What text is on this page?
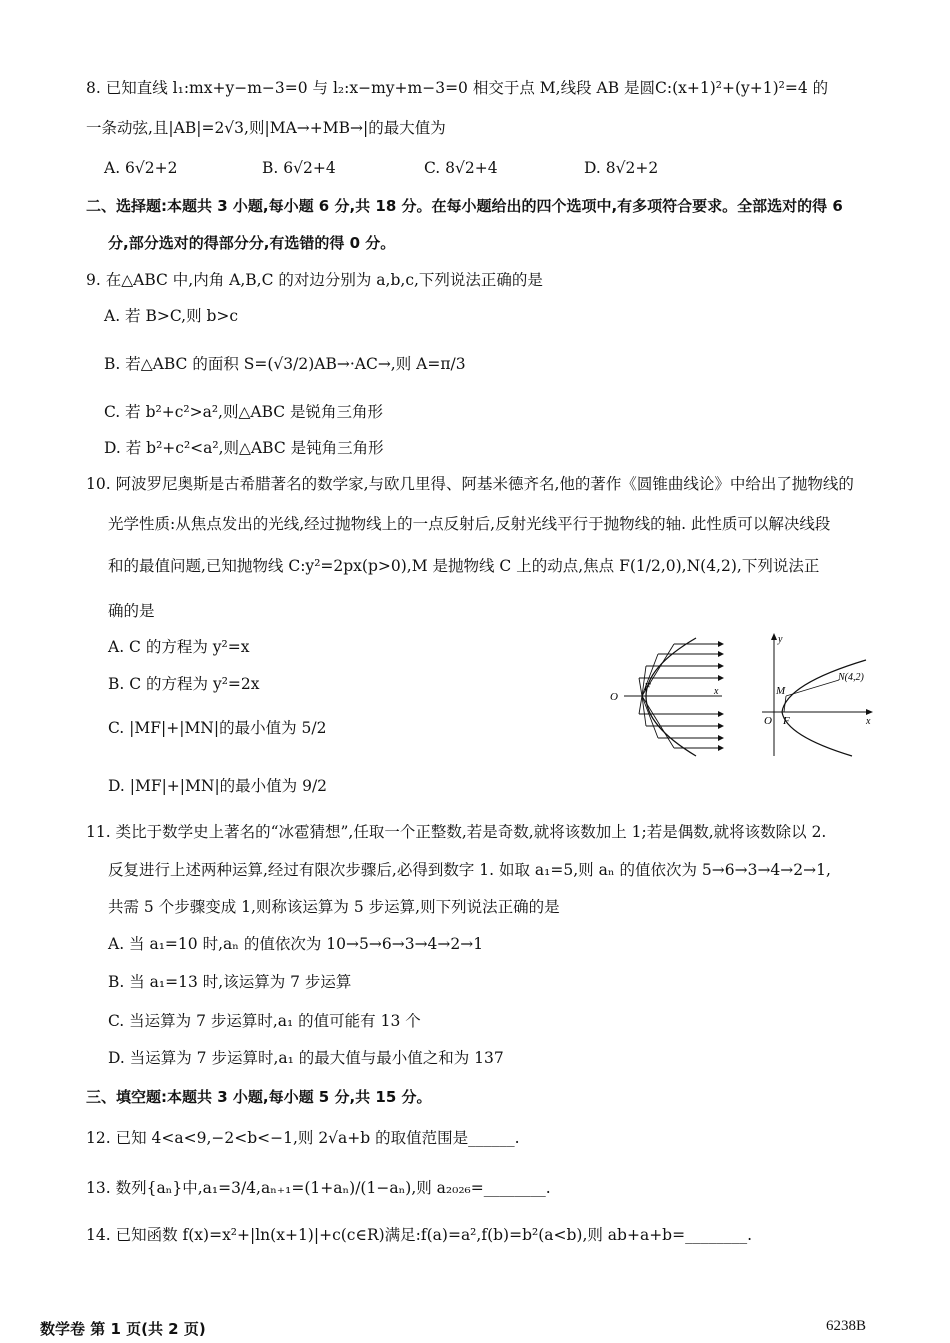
8. 已知直线 l₁:mx+y−m−3=0 与 l₂:x−my+m−3=0 相交于点 M,线段 AB 是圆C:(x+1)²+(y+1)²=4 的
一条动弦,且|AB|=2√3,则|MA→+MB→|的最大值为
A. 6√2+2	B. 6√2+4	C. 8√2+4	D. 8√2+2
二、选择题:本题共 3 小题,每小题 6 分,共 18 分。在每小题给出的四个选项中,有多项符合要求。全部选对的得 6
分,部分选对的得部分分,有选错的得 0 分。
9. 在△ABC 中,内角 A,B,C 的对边分别为 a,b,c,下列说法正确的是
A. 若 B>C,则 b>c
B. 若△ABC 的面积 S=(√3/2)AB→·AC→,则 A=π/3
C. 若 b²+c²>a²,则△ABC 是锐角三角形
D. 若 b²+c²<a²,则△ABC 是钝角三角形
10. 阿波罗尼奥斯是古希腊著名的数学家,与欧几里得、阿基米德齐名,他的著作《圆锥曲线论》中给出了抛物线的
光学性质:从焦点发出的光线,经过抛物线上的一点反射后,反射光线平行于抛物线的轴. 此性质可以解决线段
和的最值问题,已知抛物线 C:y²=2px(p>0),M 是抛物线 C 上的动点,焦点 F(1/2,0),N(4,2),下列说法正
确的是
A. C 的方程为 y²=x
B. C 的方程为 y²=2x
C. |MF|+|MN|的最小值为 5/2
D. |MF|+|MN|的最小值为 9/2
O
F	x
y
O F	x
M
N(4,2)
11. 类比于数学史上著名的“冰雹猜想”,任取一个正整数,若是奇数,就将该数加上 1;若是偶数,就将该数除以 2.
反复进行上述两种运算,经过有限次步骤后,必得到数字 1. 如取 a₁=5,则 aₙ 的值依次为 5→6→3→4→2→1,
共需 5 个步骤变成 1,则称该运算为 5 步运算,则下列说法正确的是
A. 当 a₁=10 时,aₙ 的值依次为 10→5→6→3→4→2→1
B. 当 a₁=13 时,该运算为 7 步运算
C. 当运算为 7 步运算时,a₁ 的值可能有 13 个
D. 当运算为 7 步运算时,a₁ 的最大值与最小值之和为 137
三、填空题:本题共 3 小题,每小题 5 分,共 15 分。
12. 已知 4<a<9,−2<b<−1,则 2√a+b 的取值范围是______.
13. 数列{aₙ}中,a₁=3/4,aₙ₊₁=(1+aₙ)/(1−aₙ),则 a₂₀₂₆=________.
14. 已知函数 f(x)=x²+|ln(x+1)|+c(c∈R)满足:f(a)=a²,f(b)=b²(a<b),则 ab+a+b=________.
数学卷 第 1 页(共 2 页)	6238B
